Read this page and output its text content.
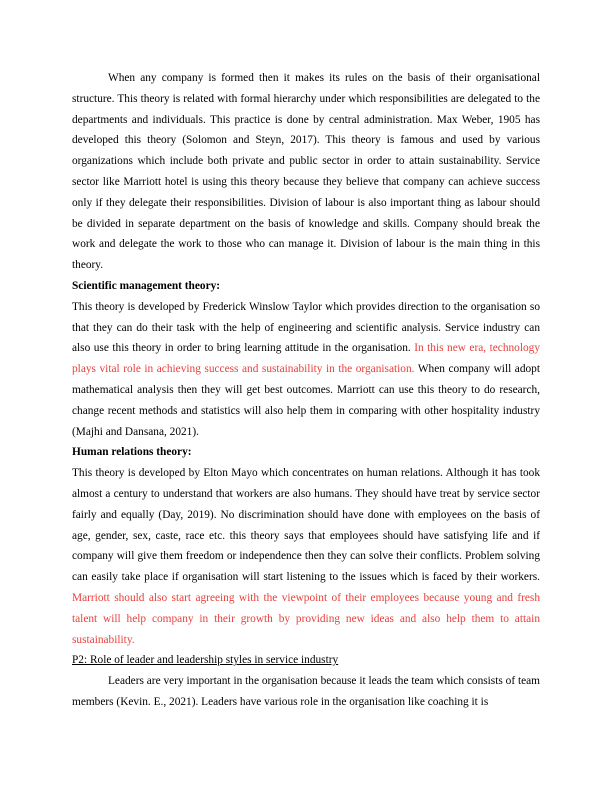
When any company is formed then it makes its rules on the basis of their organisational structure. This theory is related with formal hierarchy under which responsibilities are delegated to the departments and individuals. This practice is done by central administration. Max Weber, 1905 has developed this theory (Solomon and Steyn, 2017). This theory is famous and used by various organizations which include both private and public sector in order to attain sustainability. Service sector like Marriott hotel is using this theory because they believe that company can achieve success only if they delegate their responsibilities. Division of labour is also important thing as labour should be divided in separate department on the basis of knowledge and skills. Company should break the work and delegate the work to those who can manage it. Division of labour is the main thing in this theory.

Scientific management theory:

This theory is developed by Frederick Winslow Taylor which provides direction to the organisation so that they can do their task with the help of engineering and scientific analysis. Service industry can also use this theory in order to bring learning attitude in the organisation. In this new era, technology plays vital role in achieving success and sustainability in the organisation. When company will adopt mathematical analysis then they will get best outcomes. Marriott can use this theory to do research, change recent methods and statistics will also help them in comparing with other hospitality industry (Majhi and Dansana, 2021).

Human relations theory:

This theory is developed by Elton Mayo which concentrates on human relations. Although it has took almost a century to understand that workers are also humans. They should have treat by service sector fairly and equally (Day, 2019). No discrimination should have done with employees on the basis of age, gender, sex, caste, race etc. this theory says that employees should have satisfying life and if company will give them freedom or independence then they can solve their conflicts. Problem solving can easily take place if organisation will start listening to the issues which is faced by their workers. Marriott should also start agreeing with the viewpoint of their employees because young and fresh talent will help company in their growth by providing new ideas and also help them to attain sustainability.

P2: Role of leader and leadership styles in service industry

Leaders are very important in the organisation because it leads the team which consists of team members (Kevin. E., 2021). Leaders have various role in the organisation like coaching it is
